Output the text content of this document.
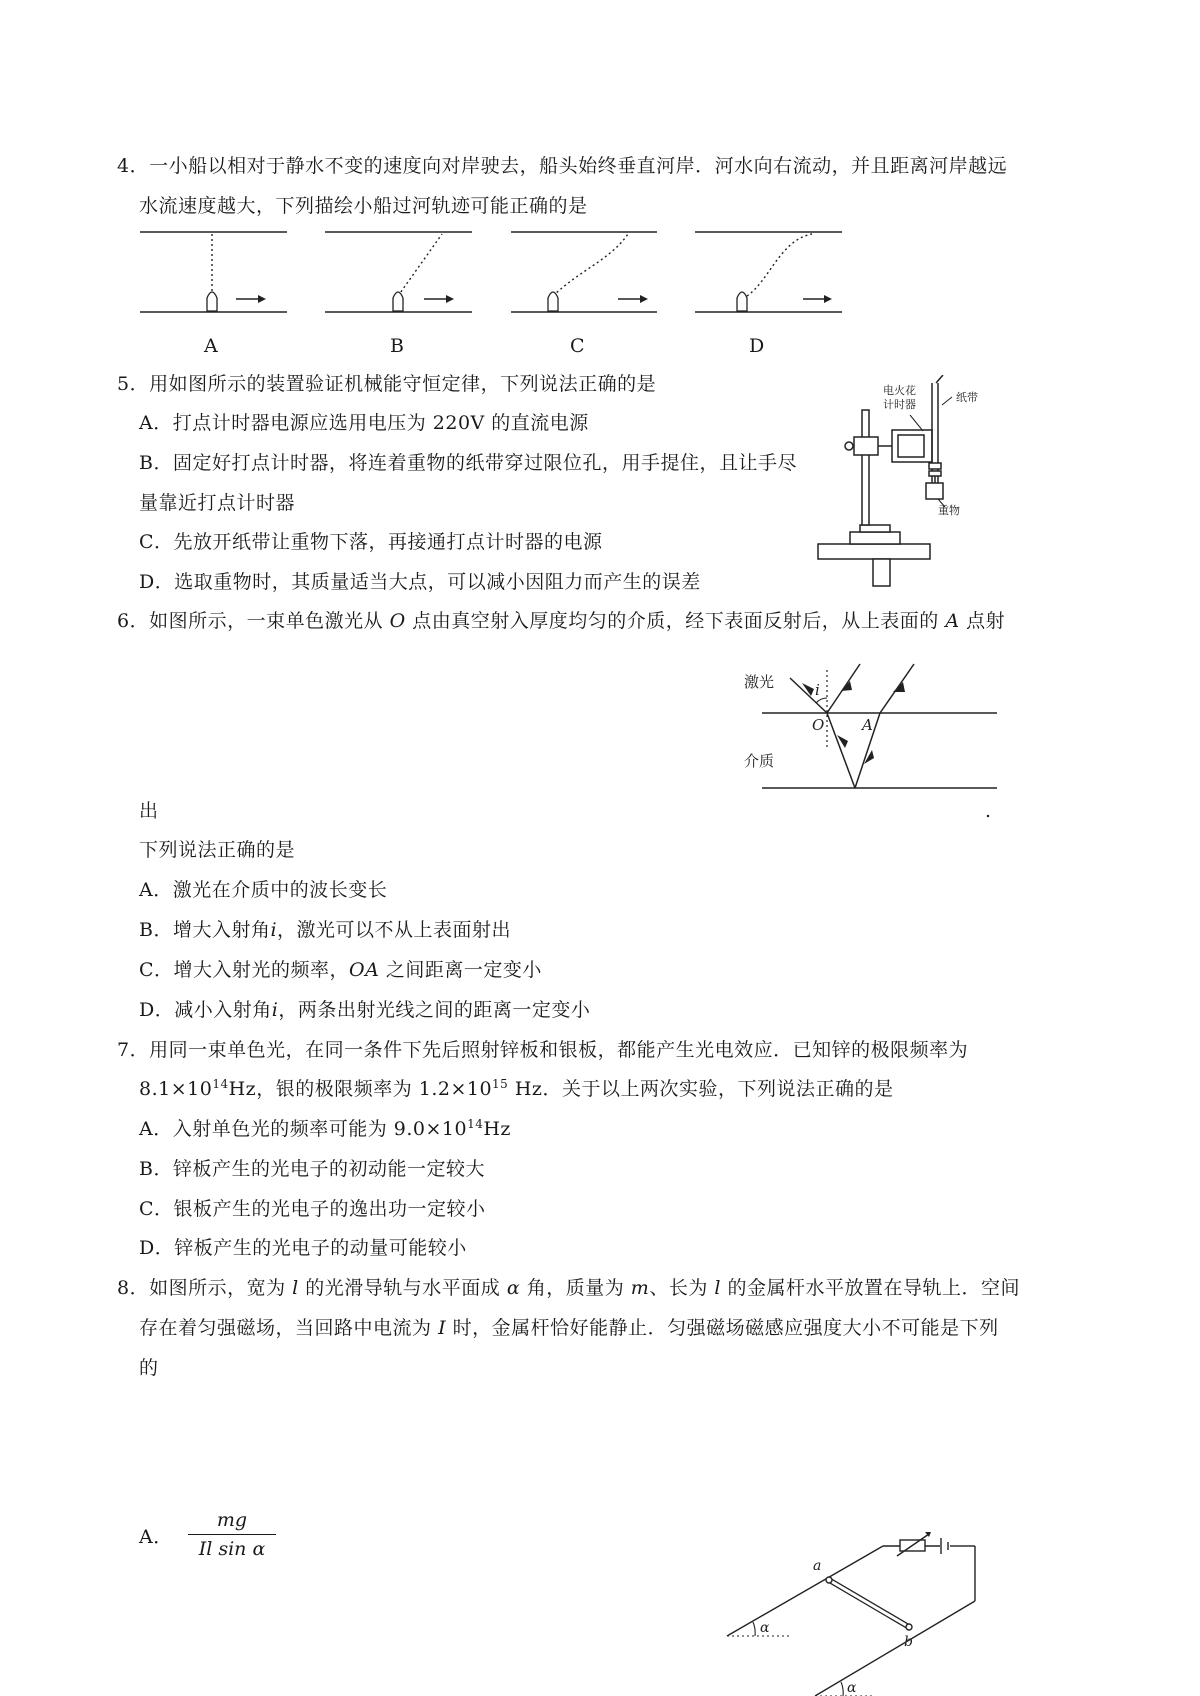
4．一小船以相对于静水不变的速度向对岸驶去，船头始终垂直河岸．河水向右流动，并且距离河岸越远
水流速度越大，下列描绘小船过河轨迹可能正确的是
A	B	C	D
5．用如图所示的装置验证机械能守恒定律，下列说法正确的是
A．打点计时器电源应选用电压为 220V 的直流电源
B．固定好打点计时器，将连着重物的纸带穿过限位孔，用手提住，且让手尽
量靠近打点计时器
C．先放开纸带让重物下落，再接通打点计时器的电源
D．选取重物时，其质量适当大点，可以减小因阻力而产生的误差
电火花
计时器
纸带
重物
6．如图所示，一束单色激光从 O 点由真空射入厚度均匀的介质，经下表面反射后，从上表面的 A 点射
激光	i
O	A
介质
出	.
下列说法正确的是
A．激光在介质中的波长变长
B．增大入射角i，激光可以不从上表面射出
C．增大入射光的频率，OA 之间距离一定变小
D．减小入射角i，两条出射光线之间的距离一定变小
7．用同一束单色光，在同一条件下先后照射锌板和银板，都能产生光电效应．已知锌的极限频率为
$8.1\times 10^{14}Hz$，银的极限频率为 $1.2\times 10^{15}$ Hz．关于以上两次实验，下列说法正确的是
A．入射单色光的频率可能为 $9.0\times 10^{14}Hz$
B．锌板产生的光电子的初动能一定较大
C．银板产生的光电子的逸出功一定较小
D．锌板产生的光电子的动量可能较小
8．如图所示，宽为 l 的光滑导轨与水平面成 α 角，质量为 m、长为 l 的金属杆水平放置在导轨上．空间
存在着匀强磁场，当回路中电流为 I 时，金属杆恰好能静止．匀强磁场磁感应强度大小不可能是下列
的
A．
mg
Il sin α
a
b
α
α
